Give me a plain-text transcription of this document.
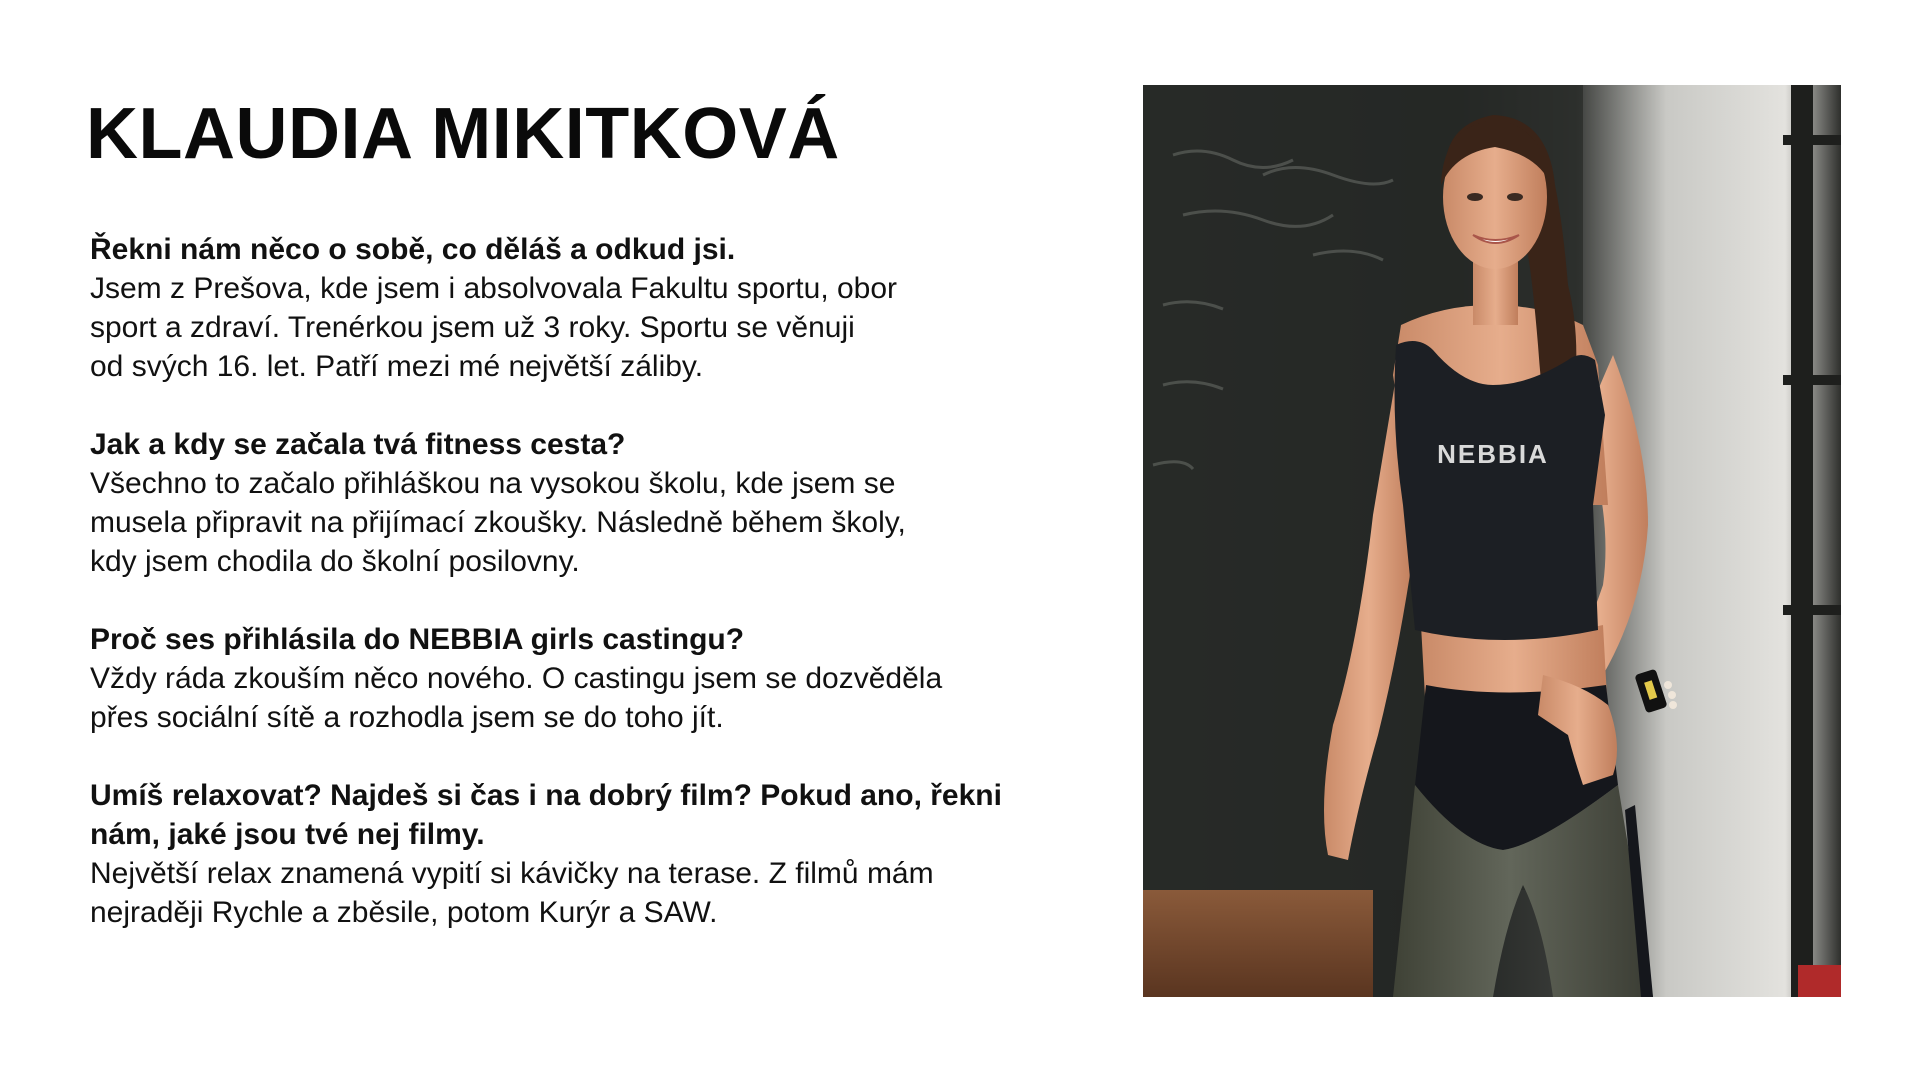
KLAUDIA MIKITKOVÁ

Řekni nám něco o sobě, co děláš a odkud jsi.

Jsem z Prešova, kde jsem i absolvovala Fakultu sportu, obor
sport a zdraví. Trenérkou jsem už 3 roky. Sportu se věnuji
od svých 16. let. Patří mezi mé největší záliby.

Jak a kdy se začala tvá fitness cesta?

Všechno to začalo přihláškou na vysokou školu, kde jsem se
musela připravit na přijímací zkoušky. Následně během školy,
kdy jsem chodila do školní posilovny.

Proč ses přihlásila do NEBBIA girls castingu?

Vždy ráda zkouším něco nového. O castingu jsem se dozvěděla
přes sociální sítě a rozhodla jsem se do toho jít.

Umíš relaxovat? Najdeš si čas i na dobrý film? Pokud ano, řekni
nám, jaké jsou tvé nej filmy.

Největší relax znamená vypití si kávičky na terase. Z filmů mám
nejraději Rychle a zběsile, potom Kurýr a SAW.

NEBBIA
